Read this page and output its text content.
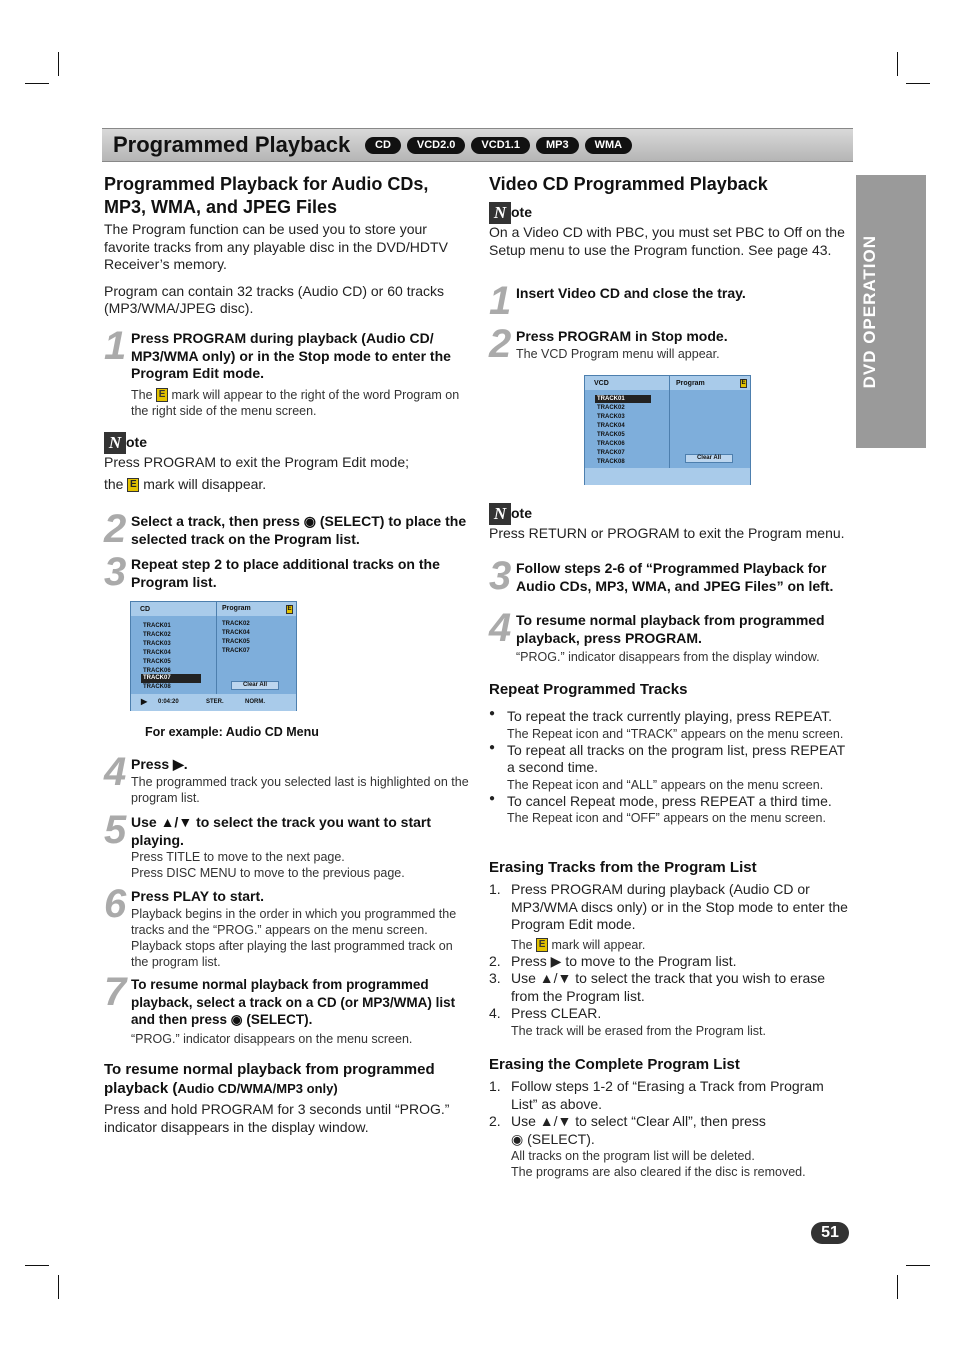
Programmed Playback	CD	VCD2.0	VCD1.1	MP3	WMA
DVD OPERATION
Programmed Playback for Audio CDs, MP3, WMA, and JPEG Files
The Program function can be used you to store your favorite tracks from any playable disc in the DVD/HDTV Receiver’s memory.
Program can contain 32 tracks (Audio CD) or 60 tracks (MP3/WMA/JPEG disc).
1 Press PROGRAM during playback (Audio CD/ MP3/WMA only) or in the Stop mode to enter the Program Edit mode.
The E mark will appear to the right of the word Program on the right side of the menu screen.
N ote
Press PROGRAM to exit the Program Edit mode;
the E mark will disappear.
2 Select a track, then press ◉ (SELECT) to place the selected track on the Program list.
3 Repeat step 2 to place additional tracks on the Program list.
CD	Program	E
TRACK01
TRACK02
TRACK03
TRACK04
TRACK05
TRACK06
TRACK07
TRACK08
TRACK02
TRACK04
TRACK05
TRACK07
Clear All
▶ 0:04:20	STER.	NORM.
For example: Audio CD Menu
4 Press ▶.
The programmed track you selected last is highlighted on the program list.
5 Use ▲/▼ to select the track you want to start playing.
Press TITLE to move to the next page.
Press DISC MENU to move to the previous page.
6 Press PLAY to start.
Playback begins in the order in which you programmed the tracks and the “PROG.” appears on the menu screen. Playback stops after playing the last programmed track on the program list.
7 To resume normal playback from programmed playback, select a track on a CD (or MP3/WMA) list and then press ◉ (SELECT).
“PROG.” indicator disappears on the menu screen.
To resume normal playback from programmed playback (Audio CD/WMA/MP3 only)
Press and hold PROGRAM for 3 seconds until “PROG.” indicator disappears in the display window.
Video CD Programmed Playback
N ote
On a Video CD with PBC, you must set PBC to Off on the Setup menu to use the Program function. See page 43.
1 Insert Video CD and close the tray.
2 Press PROGRAM in Stop mode.
The VCD Program menu will appear.
VCD	Program	E
TRACK01
TRACK02
TRACK03
TRACK04
TRACK05
TRACK06
TRACK07
TRACK08
Clear All
N ote
Press RETURN or PROGRAM to exit the Program menu.
3 Follow steps 2-6 of “Programmed Playback for Audio CDs, MP3, WMA, and JPEG Files” on left.
4 To resume normal playback from programmed playback, press PROGRAM.
“PROG.” indicator disappears from the display window.
Repeat Programmed Tracks
● To repeat the track currently playing, press REPEAT.
The Repeat icon and “TRACK” appears on the menu screen.
● To repeat all tracks on the program list, press REPEAT a second time.
The Repeat icon and “ALL” appears on the menu screen.
● To cancel Repeat mode, press REPEAT a third time.
The Repeat icon and “OFF” appears on the menu screen.
Erasing Tracks from the Program List
1. Press PROGRAM during playback (Audio CD or MP3/WMA discs only) or in the Stop mode to enter the Program Edit mode.
The E mark will appear.
2. Press ▶ to move to the Program list.
3. Use ▲/▼ to select the track that you wish to erase from the Program list.
4. Press CLEAR.
The track will be erased from the Program list.
Erasing the Complete Program List
1. Follow steps 1-2 of “Erasing a Track from Program List” as above.
2. Use ▲/▼ to select “Clear All”, then press
◉ (SELECT).
All tracks on the program list will be deleted.
The programs are also cleared if the disc is removed.
51
